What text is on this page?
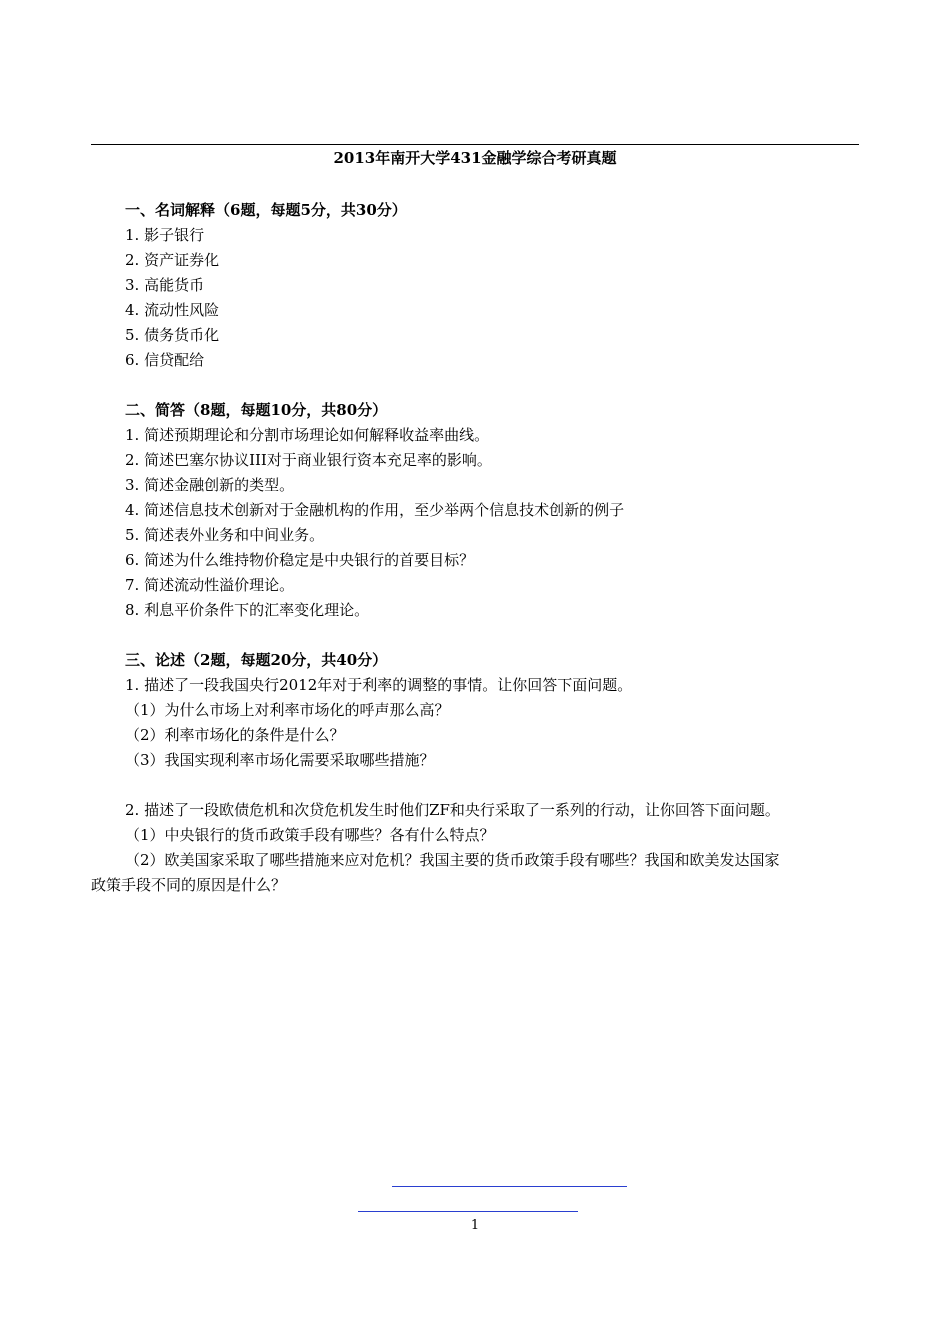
2013年南开大学431金融学综合考研真题
一、名词解释（6题，每题5分，共30分）
1. 影子银行
2. 资产证券化
3. 高能货币
4. 流动性风险
5. 债务货币化
6. 信贷配给
二、简答（8题，每题10分，共80分）
1. 简述预期理论和分割市场理论如何解释收益率曲线。
2. 简述巴塞尔协议III对于商业银行资本充足率的影响。
3. 简述金融创新的类型。
4. 简述信息技术创新对于金融机构的作用，至少举两个信息技术创新的例子
5. 简述表外业务和中间业务。
6. 简述为什么维持物价稳定是中央银行的首要目标？
7. 简述流动性溢价理论。
8. 利息平价条件下的汇率变化理论。
三、论述（2题，每题20分，共40分）
1. 描述了一段我国央行2012年对于利率的调整的事情。让你回答下面问题。
（1）为什么市场上对利率市场化的呼声那么高？
（2）利率市场化的条件是什么？
（3）我国实现利率市场化需要采取哪些措施？
2. 描述了一段欧债危机和次贷危机发生时他们ZF和央行采取了一系列的行动，让你回答下面问题。
（1）中央银行的货币政策手段有哪些？各有什么特点？
（2）欧美国家采取了哪些措施来应对危机？我国主要的货币政策手段有哪些？我国和欧美发达国家
政策手段不同的原因是什么？
1
